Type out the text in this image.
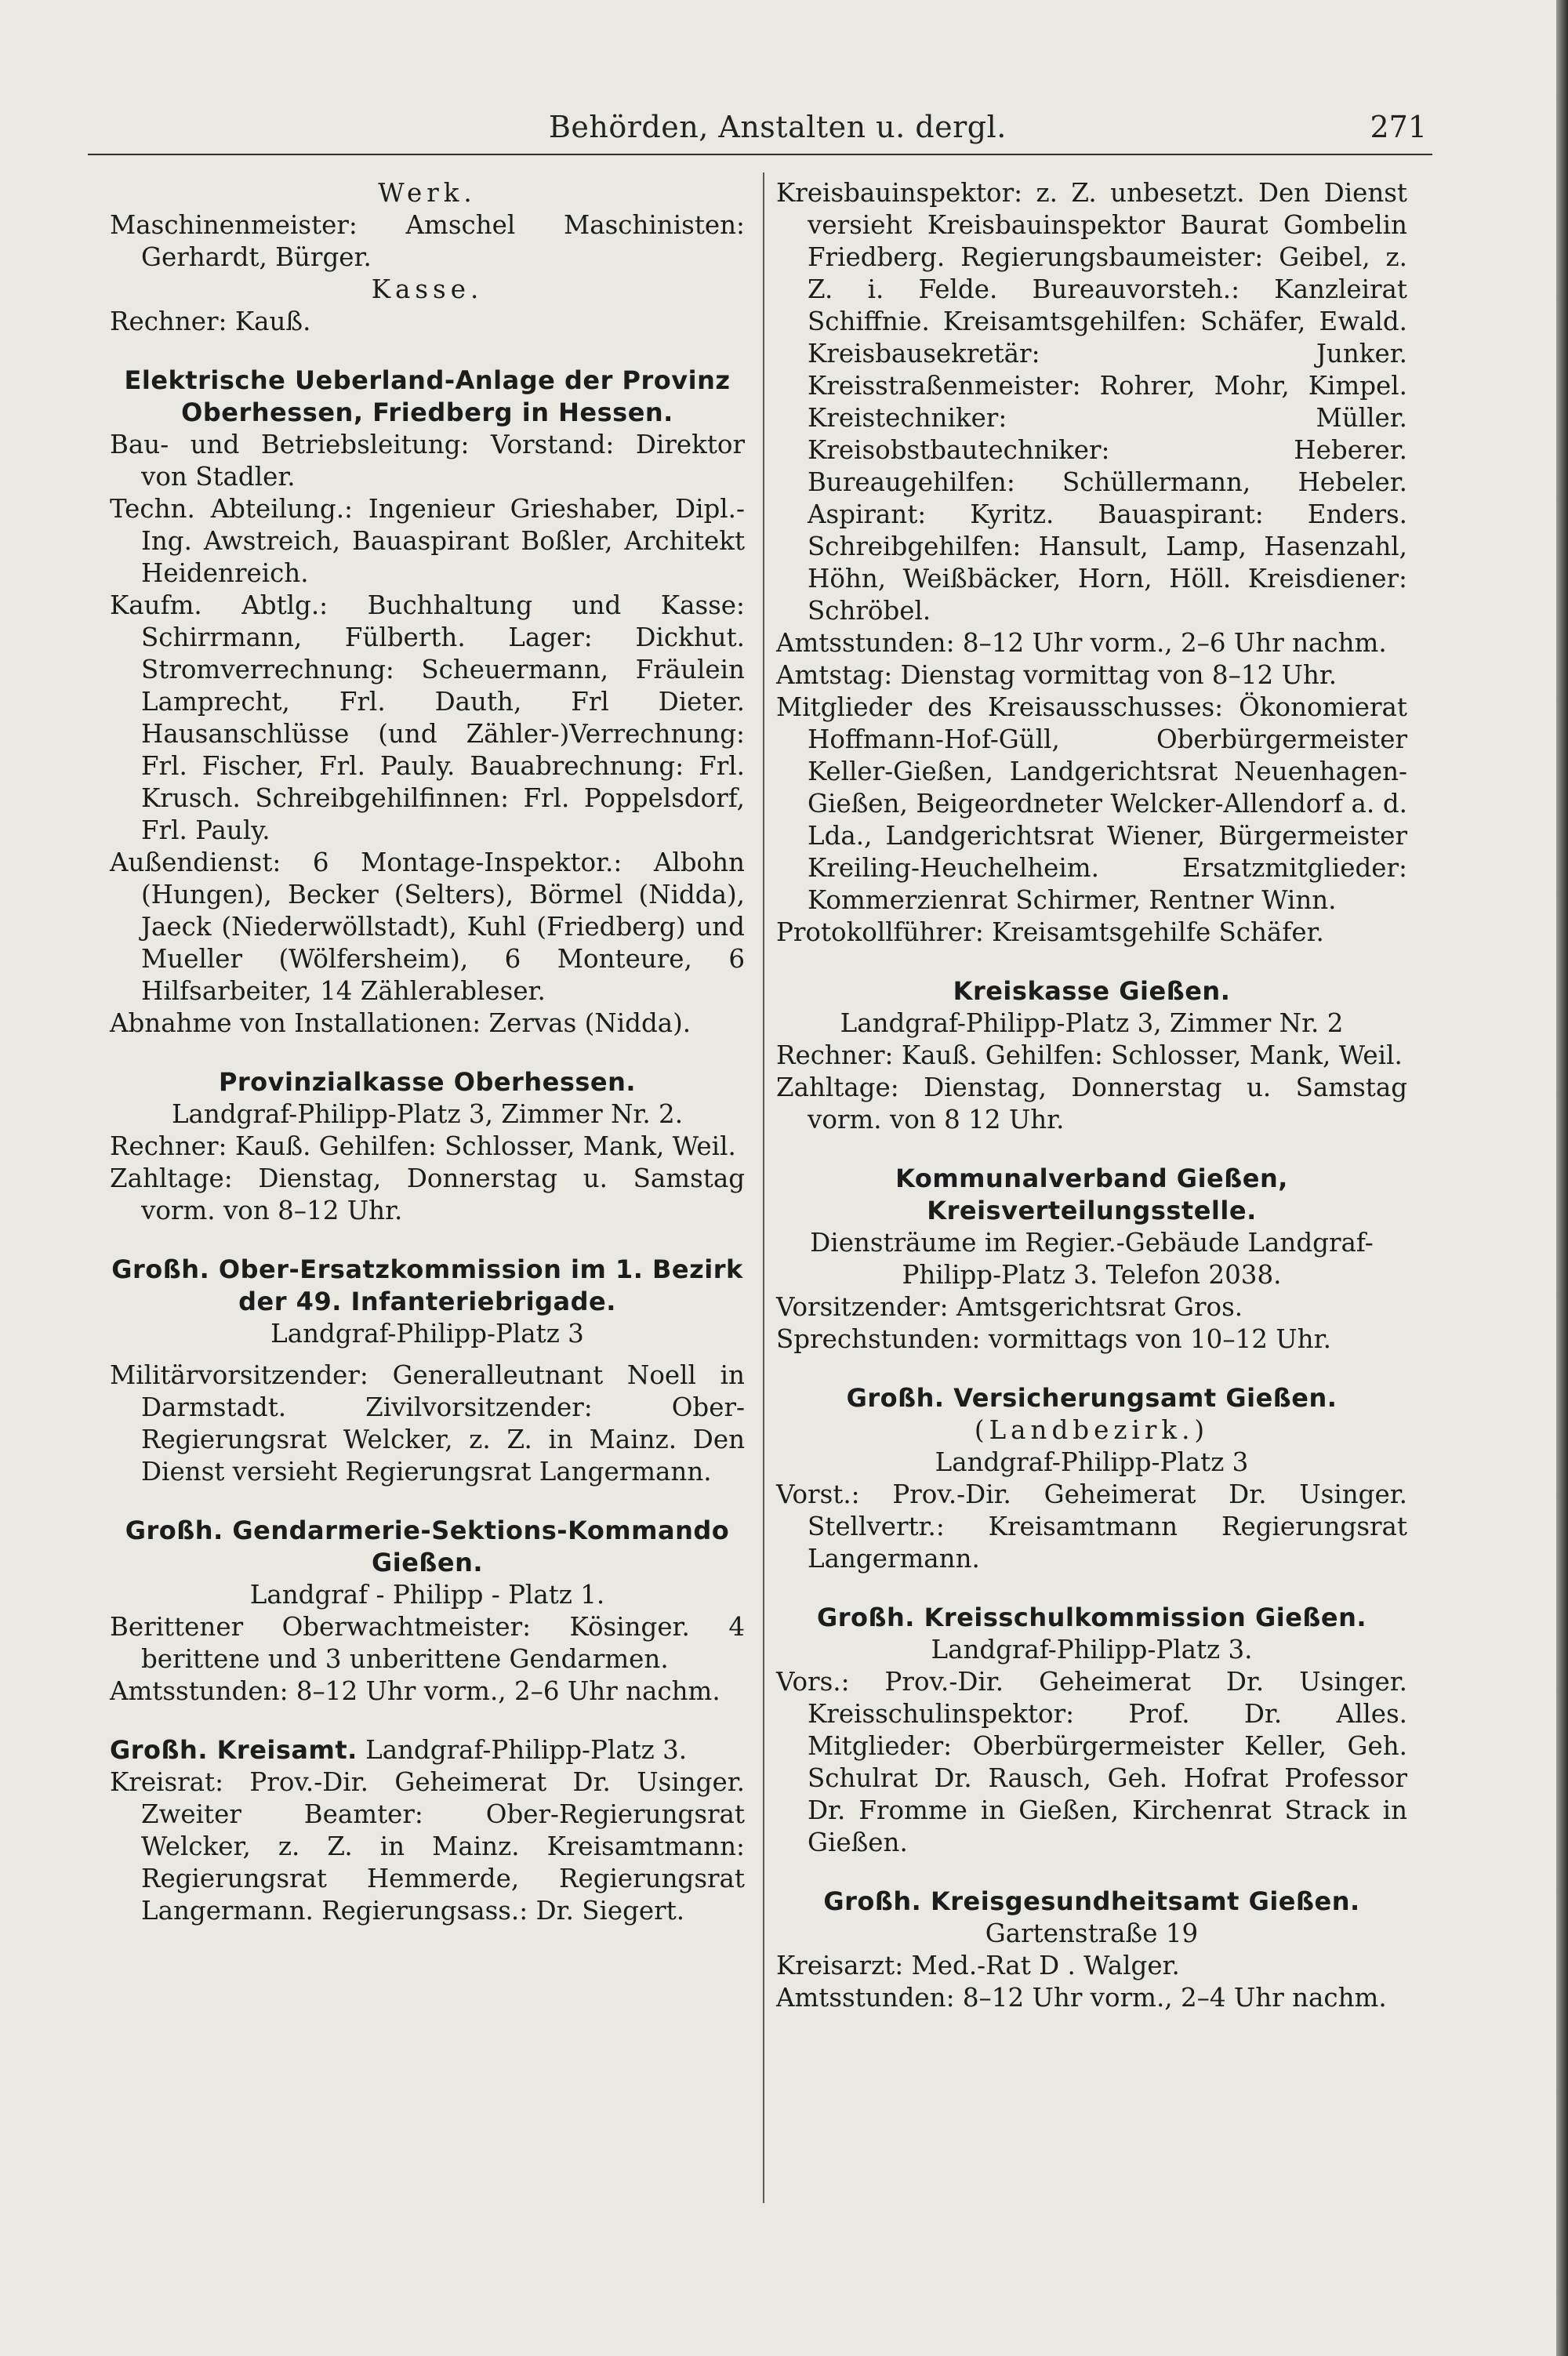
Behörden, Anstalten u. dergl.	271

Werk.

Maschinenmeister: Amschel Maschinisten: Gerhardt, Bürger.

Kasse.

Rechner: Kauß.

Elektrische Ueberland-Anlage der Provinz Oberhessen, Friedberg in Hessen.

Bau- und Betriebsleitung: Vorstand: Direktor von Stadler.

Techn. Abteilung.: Ingenieur Grieshaber, Dipl.-Ing. Awstreich, Bauaspirant Boßler, Architekt Heidenreich.

Kaufm. Abtlg.: Buchhaltung und Kasse: Schirrmann, Fülberth. Lager: Dickhut. Stromverrechnung: Scheuermann, Fräulein Lamprecht, Frl. Dauth, Frl Dieter. Hausanschlüsse (und Zähler-)Verrechnung: Frl. Fischer, Frl. Pauly. Bauabrechnung: Frl. Krusch. Schreibgehilfinnen: Frl. Poppelsdorf, Frl. Pauly.

Außendienst: 6 Montage-Inspektor.: Albohn (Hungen), Becker (Selters), Börmel (Nidda), Jaeck (Niederwöllstadt), Kuhl (Friedberg) und Mueller (Wölfersheim), 6 Monteure, 6 Hilfsarbeiter, 14 Zählerableser.

Abnahme von Installationen: Zervas (Nidda).

Provinzialkasse Oberhessen.

Landgraf-Philipp-Platz 3, Zimmer Nr. 2.

Rechner: Kauß. Gehilfen: Schlosser, Mank, Weil.

Zahltage: Dienstag, Donnerstag u. Samstag vorm. von 8–12 Uhr.

Großh. Ober-Ersatzkommission im 1. Bezirk der 49. Infanteriebrigade.

Landgraf-Philipp-Platz 3

Militärvorsitzender: Generalleutnant Noell in Darmstadt. Zivilvorsitzender: Ober-Regierungsrat Welcker, z. Z. in Mainz. Den Dienst versieht Regierungsrat Langermann.

Großh. Gendarmerie-Sektions-Kommando Gießen.

Landgraf - Philipp - Platz 1.

Berittener Oberwachtmeister: Kösinger. 4 berittene und 3 unberittene Gendarmen.

Amtsstunden: 8–12 Uhr vorm., 2–6 Uhr nachm.

Großh. Kreisamt. Landgraf-Philipp-Platz 3.

Kreisrat: Prov.-Dir. Geheimerat Dr. Usinger. Zweiter Beamter: Ober-Regierungsrat Welcker, z. Z. in Mainz. Kreisamtmann: Regierungsrat Hemmerde, Regierungsrat Langermann. Regierungsass.: Dr. Siegert.

Kreisbauinspektor: z. Z. unbesetzt. Den Dienst versieht Kreisbauinspektor Baurat Gombelin Friedberg. Regierungsbaumeister: Geibel, z. Z. i. Felde. Bureauvorsteh.: Kanzleirat Schiffnie. Kreisamtsgehilfen: Schäfer, Ewald. Kreisbausekretär: Junker. Kreisstraßenmeister: Rohrer, Mohr, Kimpel. Kreistechniker: Müller. Kreisobstbautechniker: Heberer. Bureaugehilfen: Schüllermann, Hebeler. Aspirant: Kyritz. Bauaspirant: Enders. Schreibgehilfen: Hansult, Lamp, Hasenzahl, Höhn, Weißbäcker, Horn, Höll. Kreisdiener: Schröbel.

Amtsstunden: 8–12 Uhr vorm., 2–6 Uhr nachm.

Amtstag: Dienstag vormittag von 8–12 Uhr.

Mitglieder des Kreisausschusses: Ökonomierat Hoffmann-Hof-Güll, Oberbürgermeister Keller-Gießen, Landgerichtsrat Neuenhagen-Gießen, Beigeordneter Welcker-Allendorf a. d. Lda., Landgerichtsrat Wiener, Bürgermeister Kreiling-Heuchelheim. Ersatzmitglieder: Kommerzienrat Schirmer, Rentner Winn.

Protokollführer: Kreisamtsgehilfe Schäfer.

Kreiskasse Gießen.

Landgraf-Philipp-Platz 3, Zimmer Nr. 2

Rechner: Kauß. Gehilfen: Schlosser, Mank, Weil.

Zahltage: Dienstag, Donnerstag u. Samstag vorm. von 8 12 Uhr.

Kommunalverband Gießen, Kreisverteilungsstelle.

Diensträume im Regier.-Gebäude Landgraf-Philipp-Platz 3. Telefon 2038.

Vorsitzender: Amtsgerichtsrat Gros.

Sprechstunden: vormittags von 10–12 Uhr.

Großh. Versicherungsamt Gießen.

(Landbezirk.)

Landgraf-Philipp-Platz 3

Vorst.: Prov.-Dir. Geheimerat Dr. Usinger. Stellvertr.: Kreisamtmann Regierungsrat Langermann.

Großh. Kreisschulkommission Gießen.

Landgraf-Philipp-Platz 3.

Vors.: Prov.-Dir. Geheimerat Dr. Usinger. Kreisschulinspektor: Prof. Dr. Alles. Mitglieder: Oberbürgermeister Keller, Geh. Schulrat Dr. Rausch, Geh. Hofrat Professor Dr. Fromme in Gießen, Kirchenrat Strack in Gießen.

Großh. Kreisgesundheitsamt Gießen.

Gartenstraße 19

Kreisarzt: Med.-Rat D . Walger.

Amtsstunden: 8–12 Uhr vorm., 2–4 Uhr nachm.
